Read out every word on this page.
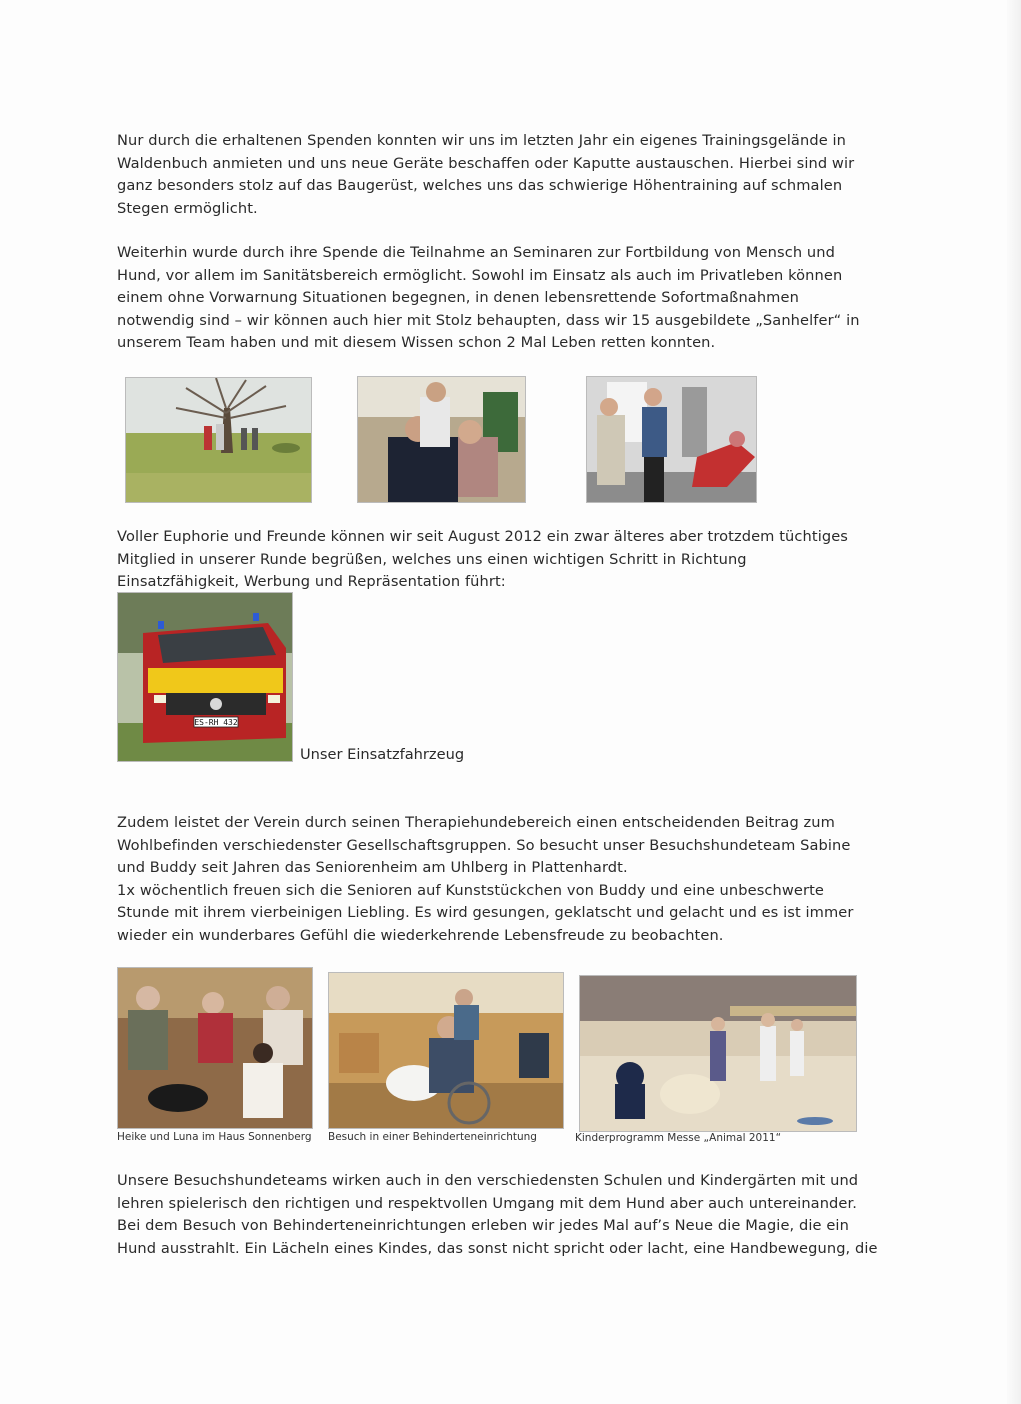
Nur durch die erhaltenen Spenden konnten wir uns im letzten Jahr ein eigenes Trainingsgelände in
Waldenbuch anmieten und uns neue Geräte beschaffen oder Kaputte austauschen. Hierbei sind wir
ganz besonders stolz auf das Baugerüst, welches uns das schwierige Höhentraining auf schmalen
Stegen ermöglicht.

Weiterhin wurde durch ihre Spende die Teilnahme an Seminaren zur Fortbildung von Mensch und
Hund, vor allem im Sanitätsbereich ermöglicht. Sowohl im Einsatz als auch im Privatleben können
einem ohne Vorwarnung Situationen begegnen, in denen lebensrettende Sofortmaßnahmen
notwendig sind – wir können auch hier mit Stolz behaupten, dass wir 15 ausgebildete „Sanhelfer“ in
unserem Team haben und mit diesem Wissen schon 2 Mal Leben retten konnten.

Voller Euphorie und Freunde können wir seit August 2012 ein zwar älteres aber trotzdem tüchtiges
Mitglied in unserer Runde begrüßen, welches uns einen wichtigen Schritt in Richtung
Einsatzfähigkeit, Werbung und Repräsentation führt:

ES-RH 432
Unser Einsatzfahrzeug

Zudem leistet der Verein durch seinen Therapiehundebereich einen entscheidenden Beitrag zum
Wohlbefinden verschiedenster Gesellschaftsgruppen. So besucht unser Besuchshundeteam Sabine
und Buddy seit Jahren das Seniorenheim am Uhlberg in Plattenhardt.
1x wöchentlich freuen sich die Senioren auf Kunststückchen von Buddy und eine unbeschwerte
Stunde mit ihrem vierbeinigen Liebling. Es wird gesungen, geklatscht und gelacht und es ist immer
wieder ein wunderbares Gefühl die wiederkehrende Lebensfreude zu beobachten.

Heike und Luna im Haus Sonnenberg Besuch in einer Behinderteneinrichtung	Kinderprogramm Messe „Animal 2011“

Unsere Besuchshundeteams wirken auch in den verschiedensten Schulen und Kindergärten mit und
lehren spielerisch den richtigen und respektvollen Umgang mit dem Hund aber auch untereinander.
Bei dem Besuch von Behinderteneinrichtungen erleben wir jedes Mal auf’s Neue die Magie, die ein
Hund ausstrahlt. Ein Lächeln eines Kindes, das sonst nicht spricht oder lacht, eine Handbewegung, die
